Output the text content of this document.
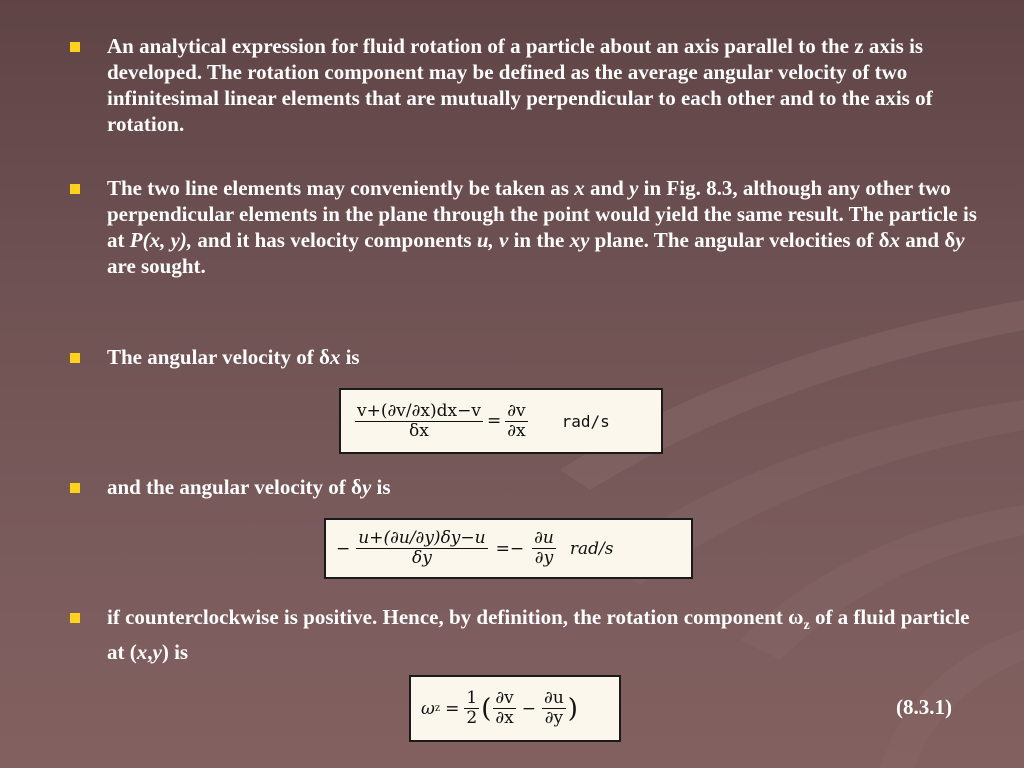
An analytical expression for fluid rotation of a particle about an axis parallel to the z axis is developed. The rotation component may be defined as the average angular velocity of two infinitesimal linear elements that are mutually perpendicular to each other and to the axis of rotation.
The two line elements may conveniently be taken as x and y in Fig. 8.3, although any other two perpendicular elements in the plane through the point would yield the same result. The particle is at P(x, y), and it has velocity components u, v in the xy plane. The angular velocities of δx and δy are sought.
The angular velocity of δx is
$\frac{v+(\partial v/\partial x)dx-v}{\delta x} = \frac{\partial v}{\partial x} rad/s$
and the angular velocity of δy is
− $\frac{u+(\partial u/\partial y)\delta y-u}{\delta y} =- \frac{\partial u}{\partial y} rad/s$
if counterclockwise is positive. Hence, by definition, the rotation component $\omega_z$ of a fluid particle at (x,y) is
ω $z = \frac{1}{2}$ ( $\frac{\partial v}{\partial x} - \frac{\partial u}{\partial y}$ )	(8.3.1)
